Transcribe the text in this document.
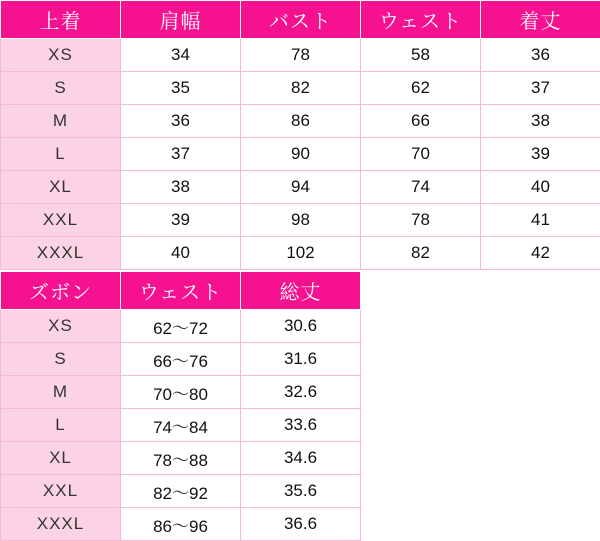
上着	肩幅	バスト	ウェスト	着丈
XS	34	78	58	36
S	35	82	62	37
M	36	86	66	38
L	37	90	70	39
XL	38	94	74	40
XXL	39	98	78	41
XXXL	40	102	82	42
ズボン	ウェスト	総丈		
XS	62〜72	30.6		
S	66〜76	31.6		
M	70〜80	32.6		
L	74〜84	33.6		
XL	78〜88	34.6		
XXL	82〜92	35.6		
XXXL	86〜96	36.6		
